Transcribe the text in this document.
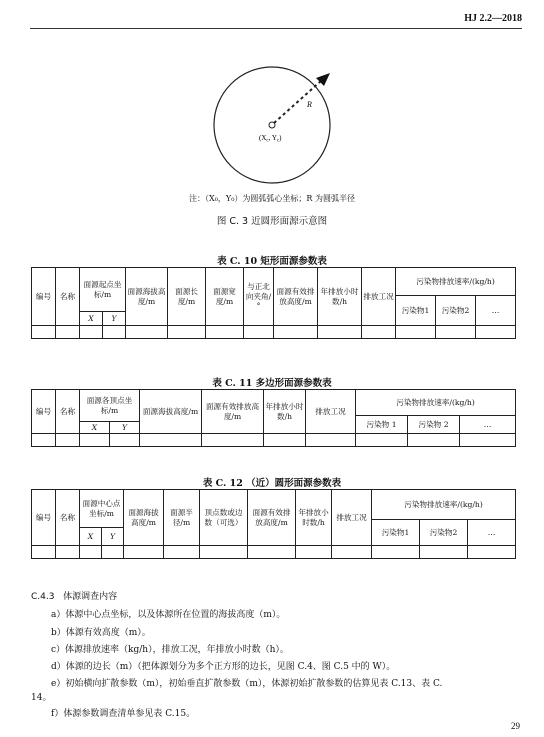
HJ 2.2—2018
R
($X_c$, $Y_c$)
注：（X₀，Y₀）为圆弧弧心坐标；R 为圆弧半径
图 C. 3 近圆形面源示意图
表 C. 10 矩形面源参数表
编号	名称	面源起点坐标/m		面源海拔高度/m	面源长度/m	面源宽度/m	与正北向夹角/°	面源有效排放高度/m	年排放小时数/h	排放工况	污染物排放速率/(kg/h)		
											污染物1	污染物2	…
		X	Y										

表 C. 11 多边形面源参数表
编号	名称	面源各顶点坐标/m		面源海拔高度/m	面源有效排放高度/m	年排放小时数/h	排放工况	污染物排放速率/(kg/h)		
								污染物 1	污染物 2	…
		X	Y							

表 C. 12 （近）圆形面源参数表
编号	名称	面源中心点坐标/m		面源海拔高度/m	面源半径/m	顶点数或边数（可选）	面源有效排放高度/m	年排放小时数/h	排放工况	污染物排放速率/(kg/h)		
										污染物1	污染物2	…
		X	Y									

C.4.3 体源调查内容
a）体源中心点坐标，以及体源所在位置的海拔高度（m）。
b）体源有效高度（m）。
c）体源排放速率（kg/h），排放工况，年排放小时数（h）。
d）体源的边长（m）（把体源划分为多个正方形的边长，见图 C.4、图 C.5 中的 W）。
e）初始横向扩散参数（m），初始垂直扩散参数（m），体源初始扩散参数的估算见表 C.13、表 C.
14。
f）体源参数调查清单参见表 C.15。
29
